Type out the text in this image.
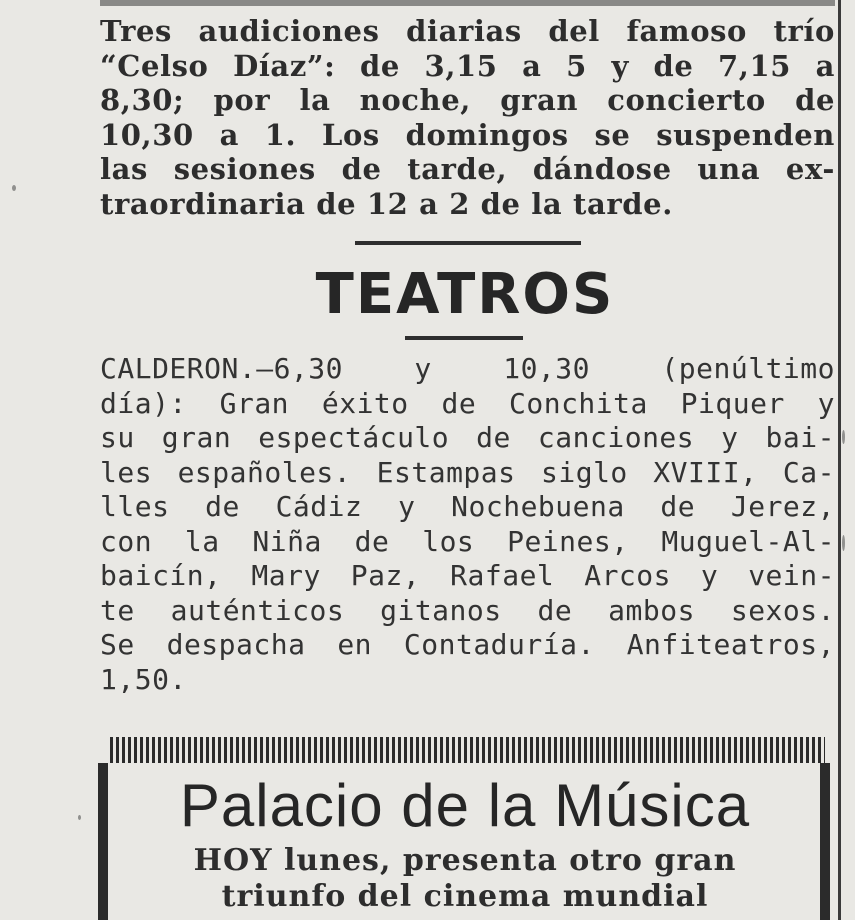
Tres audiciones diarias del famoso trío
“Celso Díaz”: de 3,15 a 5 y de 7,15 a
8,30; por la noche, gran concierto de
10,30 a 1. Los domingos se suspenden
las sesiones de tarde, dándose una ex-
traordinaria de 12 a 2 de la tarde.
TEATROS
CALDERON.—6,30 y 10,30 (penúltimo
día): Gran éxito de Conchita Piquer y
su gran espectáculo de canciones y bai-
les españoles. Estampas siglo XVIII, Ca-
lles de Cádiz y Nochebuena de Jerez,
con la Niña de los Peines, Muguel-Al-
baicín, Mary Paz, Rafael Arcos y vein-
te auténticos gitanos de ambos sexos.
Se despacha en Contaduría. Anfiteatros,
1,50.
Palacio de la Música
HOY lunes, presenta otro gran
triunfo del cinema mundial
